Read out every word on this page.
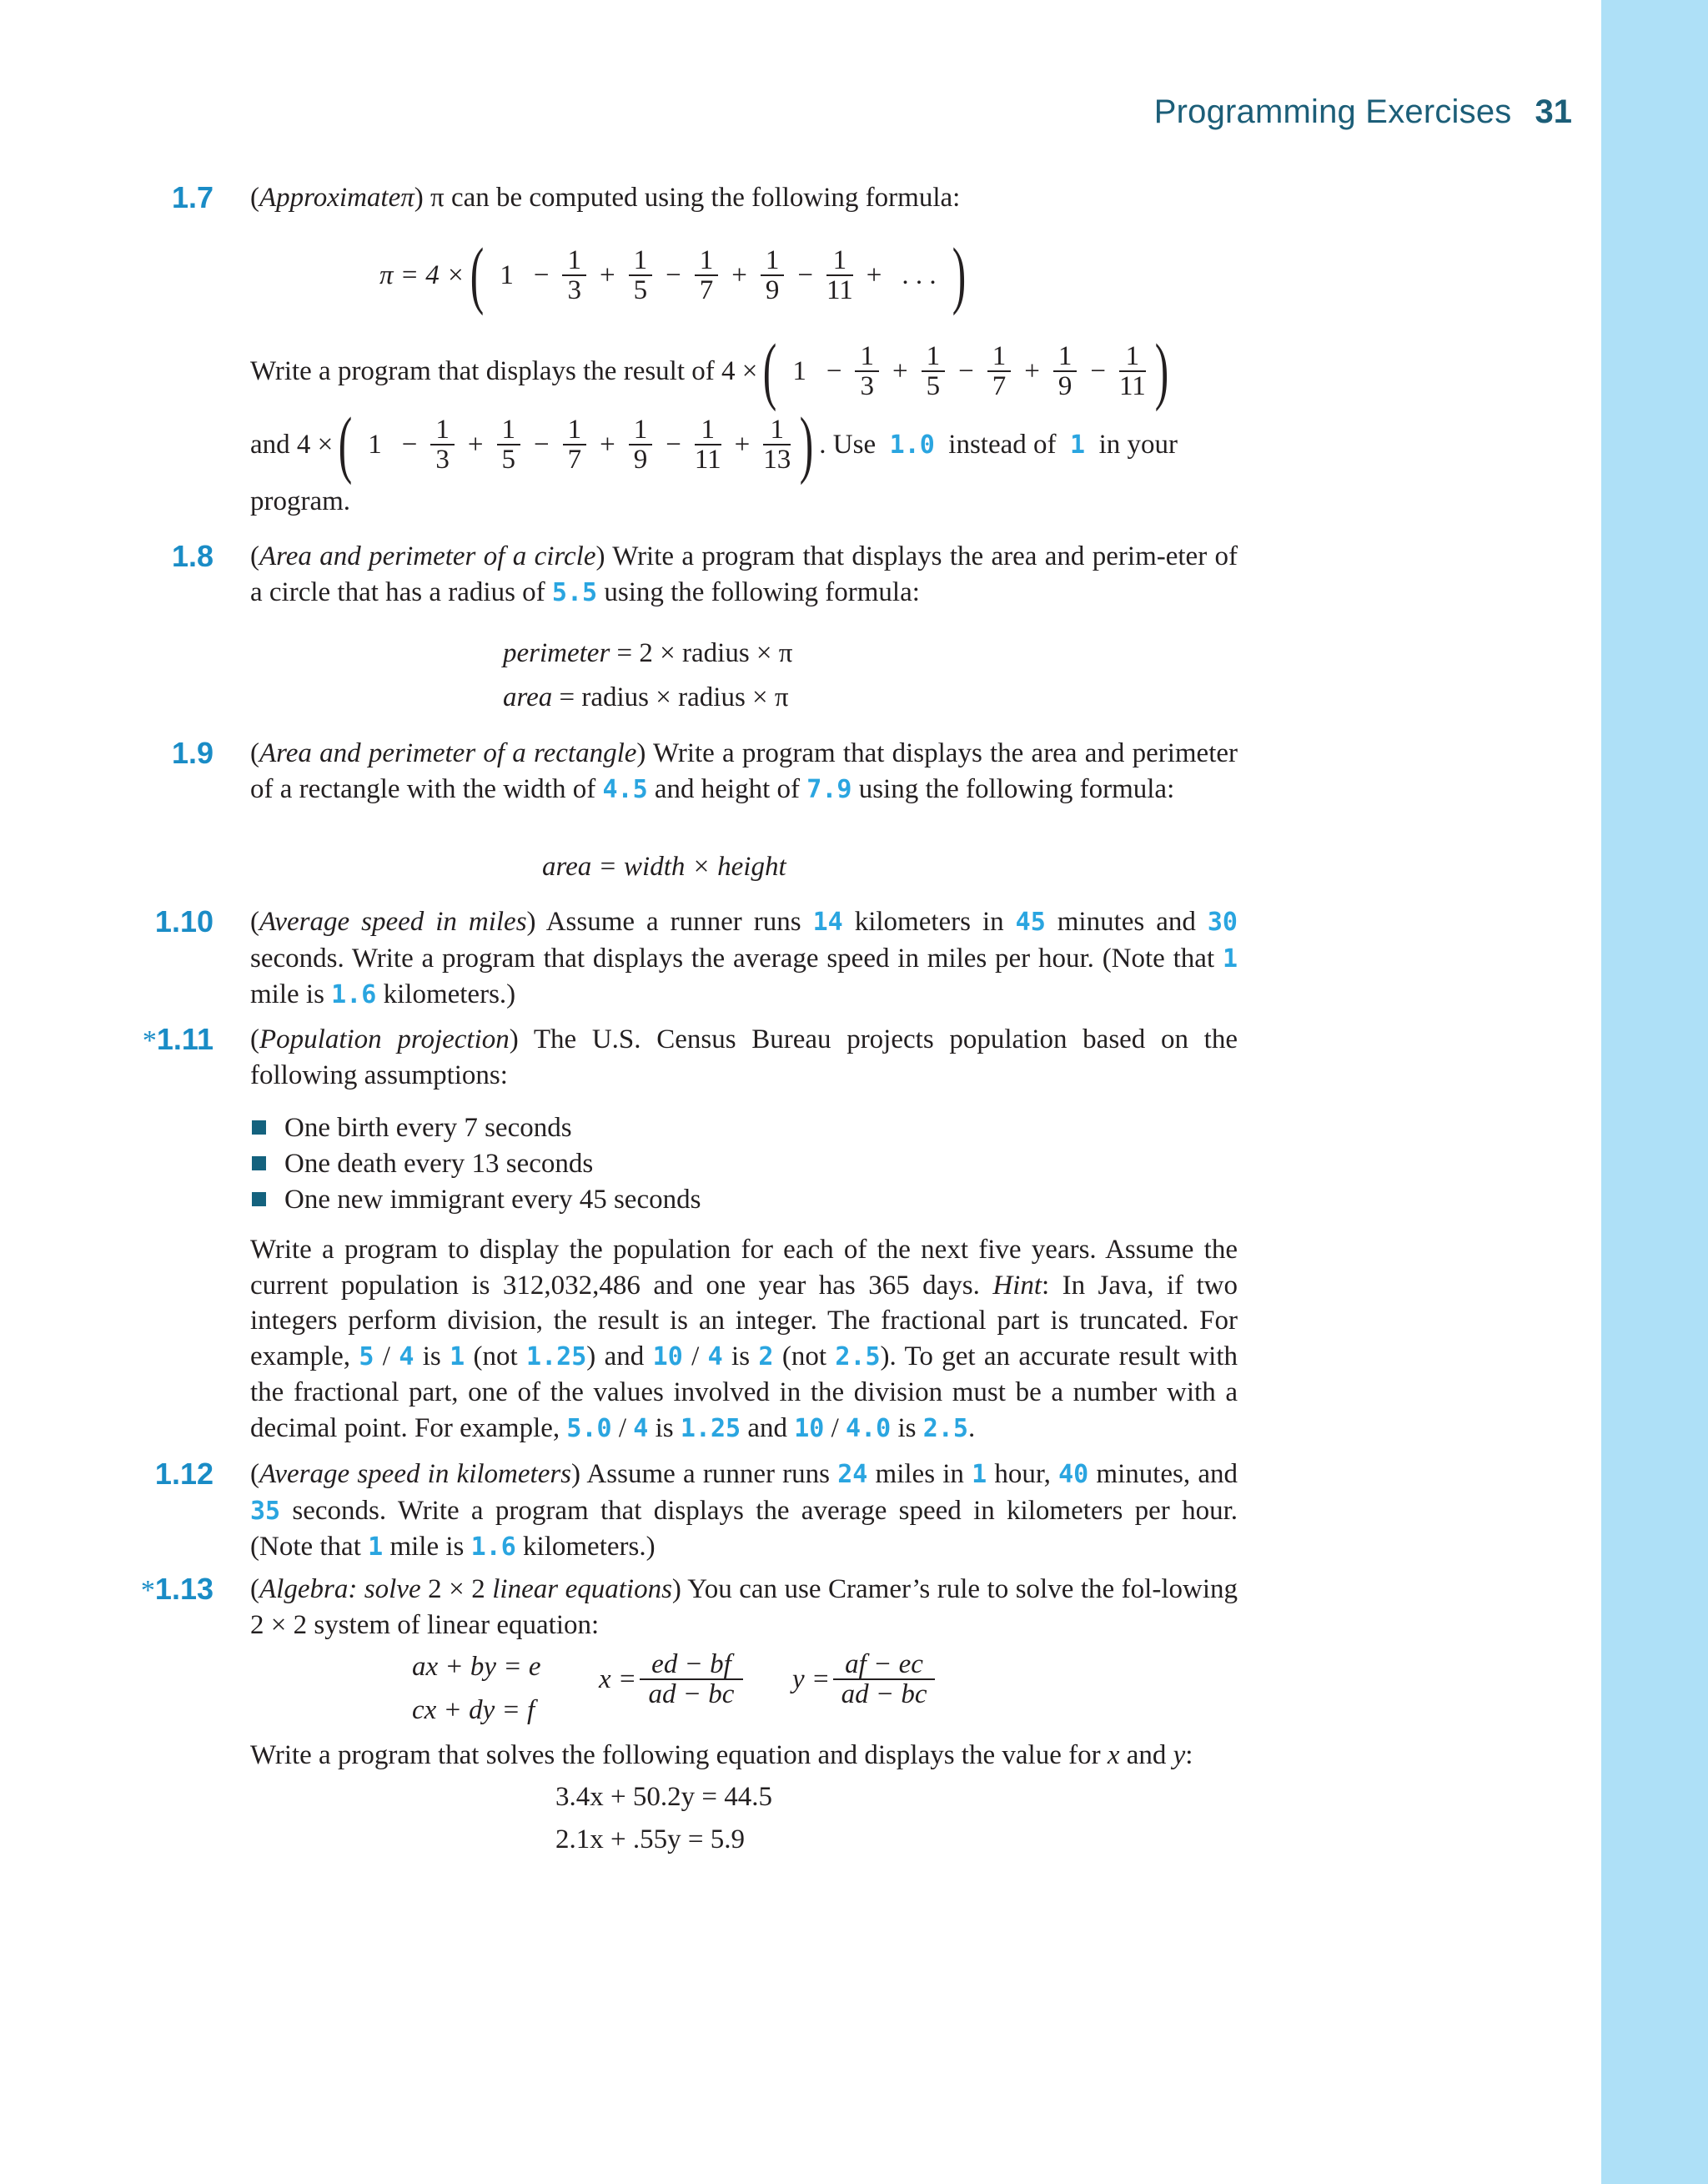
Programming Exercises 31
1.7 (Approximateπ) π can be computed using the following formula:
π = 4 × ( $1 - \frac{1}{3} + \frac{1}{5} - \frac{1}{7} + \frac{1}{9} - \frac{1}{11}$ + . . . )
Write a program that displays the result of 4 × ( $1 - \frac{1}{3} + \frac{1}{5} - \frac{1}{7} + \frac{1}{9} - \frac{1}{11}$ )
and 4 × ( $1 - \frac{1}{3} + \frac{1}{5} - \frac{1}{7} + \frac{1}{9} - \frac{1}{11} + \frac{1}{13}$ ) . Use
1.0
instead of
1
in your
program.
1.8 (Area and perimeter of a circle) Write a program that displays the area and perim-eter of a circle that has a radius of 5.5 using the following formula:
perimeter = 2 × radius × π
area = radius × radius × π
1.9 (Area and perimeter of a rectangle) Write a program that displays the area and perimeter of a rectangle with the width of 4.5 and height of 7.9 using the following formula:
area = width × height
1.10 (Average speed in miles) Assume a runner runs 14 kilometers in 45 minutes and 30 seconds. Write a program that displays the average speed in miles per hour. (Note that 1 mile is 1.6 kilometers.)
*1.11 (Population projection) The U.S. Census Bureau projects population based on the following assumptions:
One birth every 7 seconds
One death every 13 seconds
One new immigrant every 45 seconds
Write a program to display the population for each of the next five years. Assume the current population is 312,032,486 and one year has 365 days. Hint: In Java, if two integers perform division, the result is an integer. The fractional part is truncated. For example, 5 / 4 is 1 (not 1.25) and 10 / 4 is 2 (not 2.5). To get an accurate result with the fractional part, one of the values involved in the division must be a number with a decimal point. For example, 5.0 / 4 is 1.25 and 10 / 4.0 is 2.5.
1.12 (Average speed in kilometers) Assume a runner runs 24 miles in 1 hour, 40 minutes, and 35 seconds. Write a program that displays the average speed in kilometers per hour. (Note that 1 mile is 1.6 kilometers.)
*1.13 (Algebra: solve 2 × 2 linear equations) You can use Cramer’s rule to solve the fol-lowing 2 × 2 system of linear equation:
ax + by = e
cx + dy = f
$x = \frac{ed - bf}{ad - bc}$ $y = \frac{af - ec}{ad - bc}$
Write a program that solves the following equation and displays the value for x and y:
3.4x + 50.2y = 44.5
2.1x + .55y = 5.9
